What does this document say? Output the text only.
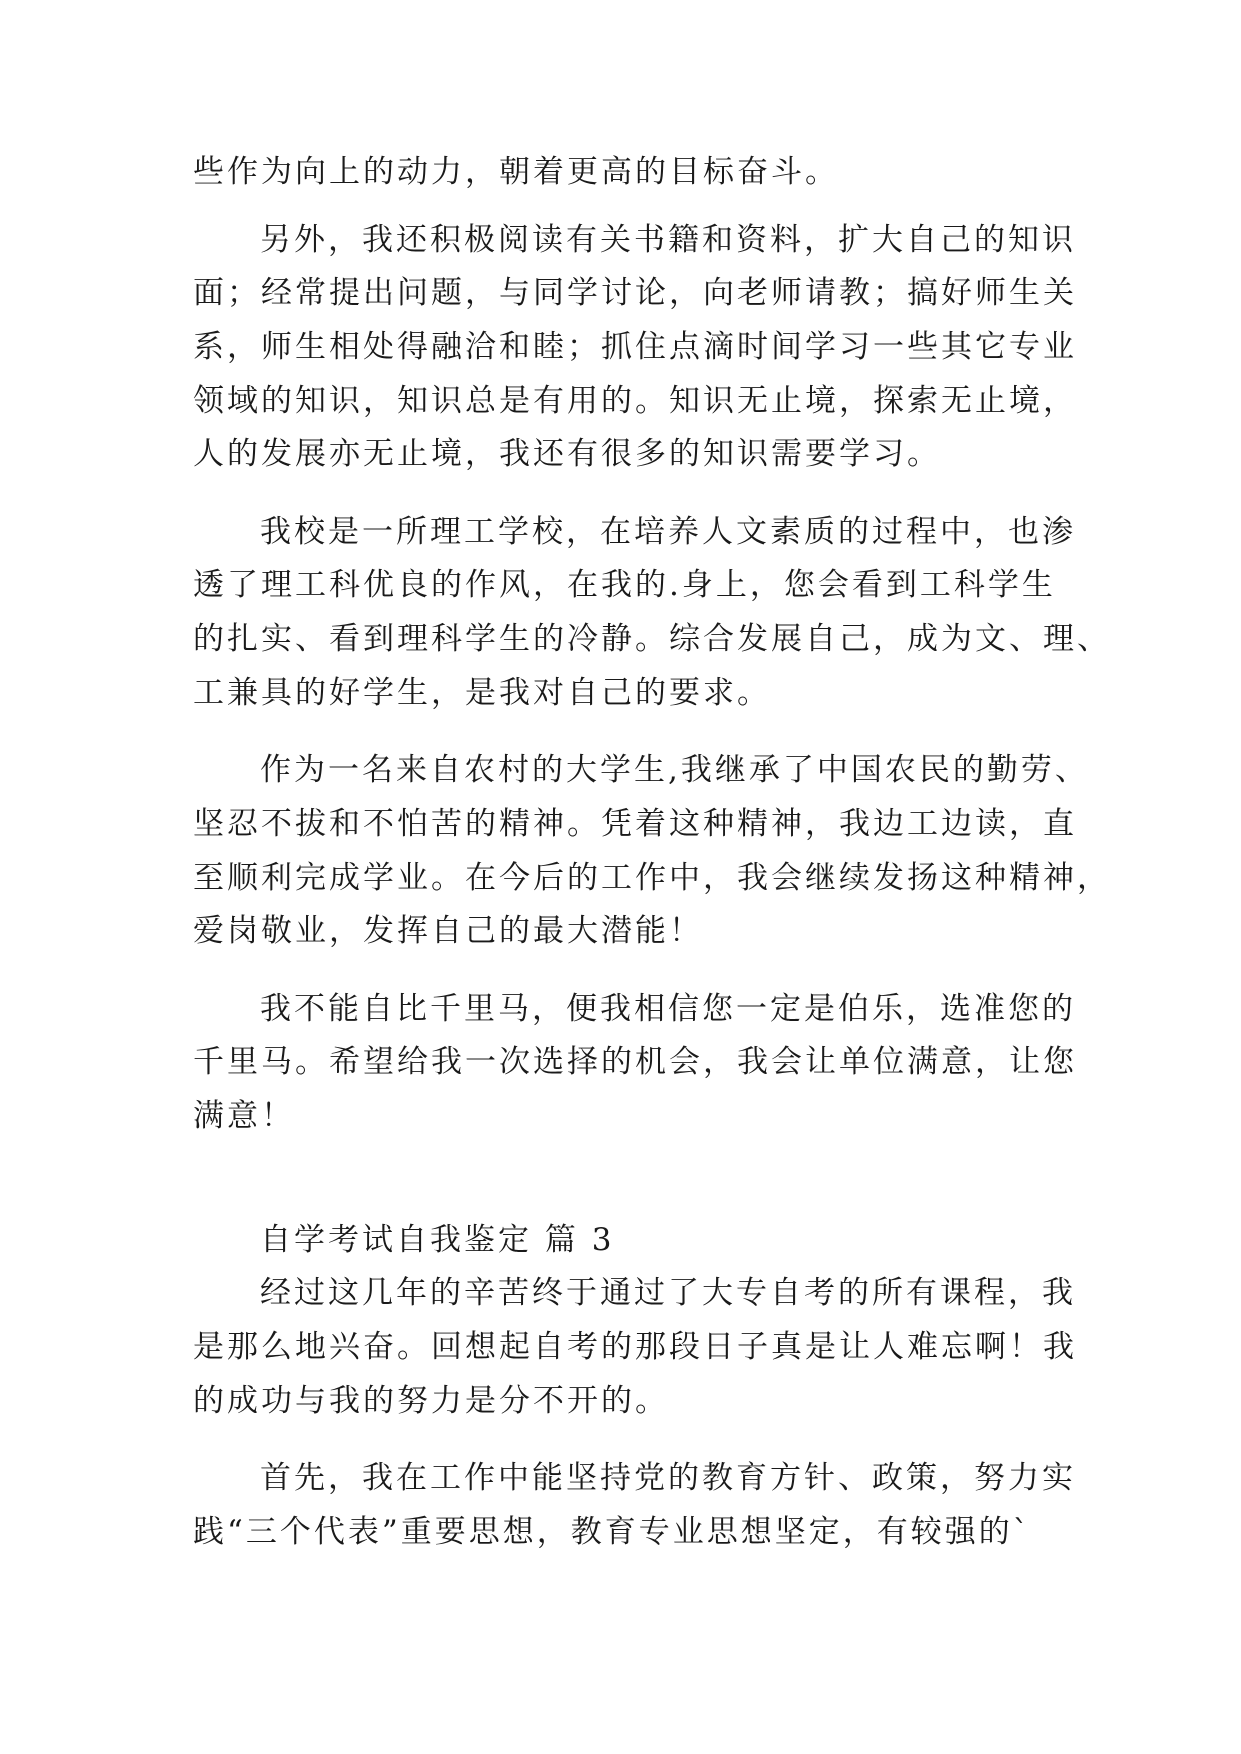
些作为向上的动力，朝着更高的目标奋斗。
另外，我还积极阅读有关书籍和资料，扩大自己的知识
面；经常提出问题，与同学讨论，向老师请教；搞好师生关
系，师生相处得融洽和睦；抓住点滴时间学习一些其它专业
领域的知识，知识总是有用的。知识无止境，探索无止境，
人的发展亦无止境，我还有很多的知识需要学习。
我校是一所理工学校，在培养人文素质的过程中，也渗
透了理工科优良的作风，在我的.身上，您会看到工科学生
的扎实、看到理科学生的冷静。综合发展自己，成为文、理、
工兼具的好学生，是我对自己的要求。
作为一名来自农村的大学生,我继承了中国农民的勤劳、
坚忍不拔和不怕苦的精神。凭着这种精神，我边工边读，直
至顺利完成学业。在今后的工作中，我会继续发扬这种精神，
爱岗敬业，发挥自己的最大潜能！
我不能自比千里马，便我相信您一定是伯乐，选准您的
千里马。希望给我一次选择的机会，我会让单位满意，让您
满意！
自学考试自我鉴定 篇 3
经过这几年的辛苦终于通过了大专自考的所有课程，我
是那么地兴奋。回想起自考的那段日子真是让人难忘啊！我
的成功与我的努力是分不开的。
首先，我在工作中能坚持党的教育方针、政策，努力实
践“三个代表”重要思想，教育专业思想坚定，有较强的`
